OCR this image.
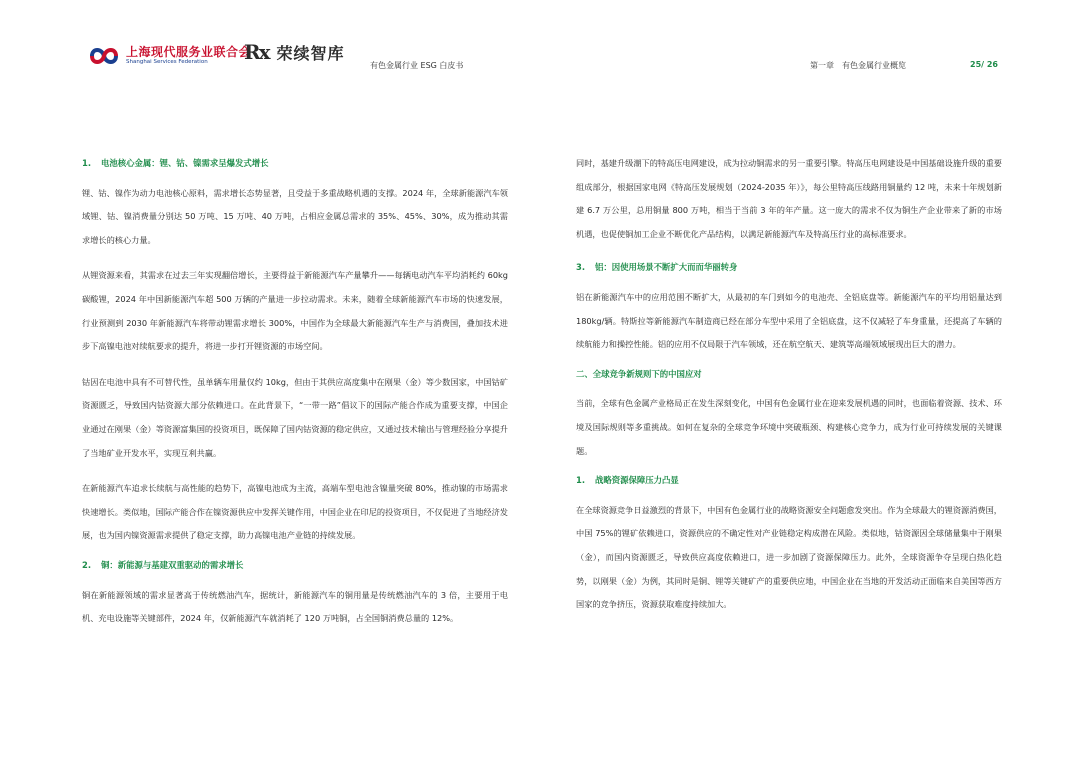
上海现代服务业联合会
Shanghai Services Federation	Rx 荣续智库
有色金属行业 ESG 白皮书	第一章　有色金属行业概览	25/ 26
1. 电池核心金属：锂、钴、镍需求呈爆发式增长

锂、钴、镍作为动力电池核心原料，需求增长态势显著，且受益于多重战略机遇的支撑。2024 年，全球新能源汽车领域锂、钴、镍消费量分别达 50 万吨、15 万吨、40 万吨，占相应金属总需求的 35%、45%、30%，成为推动其需求增长的核心力量。

从锂资源来看，其需求在过去三年实现翻倍增长，主要得益于新能源汽车产量攀升——每辆电动汽车平均消耗约 60kg 碳酸锂，2024 年中国新能源汽车超 500 万辆的产量进一步拉动需求。未来，随着全球新能源汽车市场的快速发展，行业预测到 2030 年新能源汽车将带动锂需求增长 300%，中国作为全球最大新能源汽车生产与消费国，叠加技术进步下高镍电池对续航要求的提升，将进一步打开锂资源的市场空间。

钴因在电池中具有不可替代性，虽单辆车用量仅约 10kg，但由于其供应高度集中在刚果（金）等少数国家，中国钴矿资源匮乏，导致国内钴资源大部分依赖进口。在此背景下，“一带一路”倡议下的国际产能合作成为重要支撑，中国企业通过在刚果（金）等资源富集国的投资项目，既保障了国内钴资源的稳定供应，又通过技术输出与管理经验分享提升了当地矿业开发水平，实现互利共赢。

在新能源汽车追求长续航与高性能的趋势下，高镍电池成为主流，高端车型电池含镍量突破 80%，推动镍的市场需求快速增长。类似地，国际产能合作在镍资源供应中发挥关键作用，中国企业在印尼的投资项目，不仅促进了当地经济发展，也为国内镍资源需求提供了稳定支撑，助力高镍电池产业链的持续发展。

2. 铜：新能源与基建双重驱动的需求增长

铜在新能源领域的需求显著高于传统燃油汽车，据统计，新能源汽车的铜用量是传统燃油汽车的 3 倍，主要用于电机、充电设施等关键部件，2024 年，仅新能源汽车就消耗了 120 万吨铜，占全国铜消费总量的 12%。

同时，基建升级潮下的特高压电网建设，成为拉动铜需求的另一重要引擎。特高压电网建设是中国基础设施升级的重要组成部分，根据国家电网《特高压发展规划（2024-2035 年）》，每公里特高压线路用铜量约 12 吨，未来十年规划新建 6.7 万公里，总用铜量 800 万吨，相当于当前 3 年的年产量。这一庞大的需求不仅为铜生产企业带来了新的市场机遇，也促使铜加工企业不断优化产品结构，以满足新能源汽车及特高压行业的高标准要求。

3. 铝：因使用场景不断扩大而而华丽转身

铝在新能源汽车中的应用范围不断扩大，从最初的车门到如今的电池壳、全铝底盘等。新能源汽车的平均用铝量达到 180kg/辆。特斯拉等新能源汽车制造商已经在部分车型中采用了全铝底盘，这不仅减轻了车身重量，还提高了车辆的续航能力和操控性能。铝的应用不仅局限于汽车领域，还在航空航天、建筑等高端领域展现出巨大的潜力。

二、全球竞争新规则下的中国应对

当前，全球有色金属产业格局正在发生深刻变化，中国有色金属行业在迎来发展机遇的同时，也面临着资源、技术、环境及国际规则等多重挑战。如何在复杂的全球竞争环境中突破瓶颈、构建核心竞争力，成为行业可持续发展的关键课题。

1. 战略资源保障压力凸显

在全球资源竞争日益激烈的背景下，中国有色金属行业的战略资源安全问题愈发突出。作为全球最大的锂资源消费国，中国 75%的锂矿依赖进口，资源供应的不确定性对产业链稳定构成潜在风险。类似地，钴资源因全球储量集中于刚果（金），而国内资源匮乏，导致供应高度依赖进口，进一步加剧了资源保障压力。此外，全球资源争夺呈现白热化趋势，以刚果（金）为例，其同时是铜、锂等关键矿产的重要供应地，中国企业在当地的开发活动正面临来自美国等西方国家的竞争挤压，资源获取难度持续加大。
